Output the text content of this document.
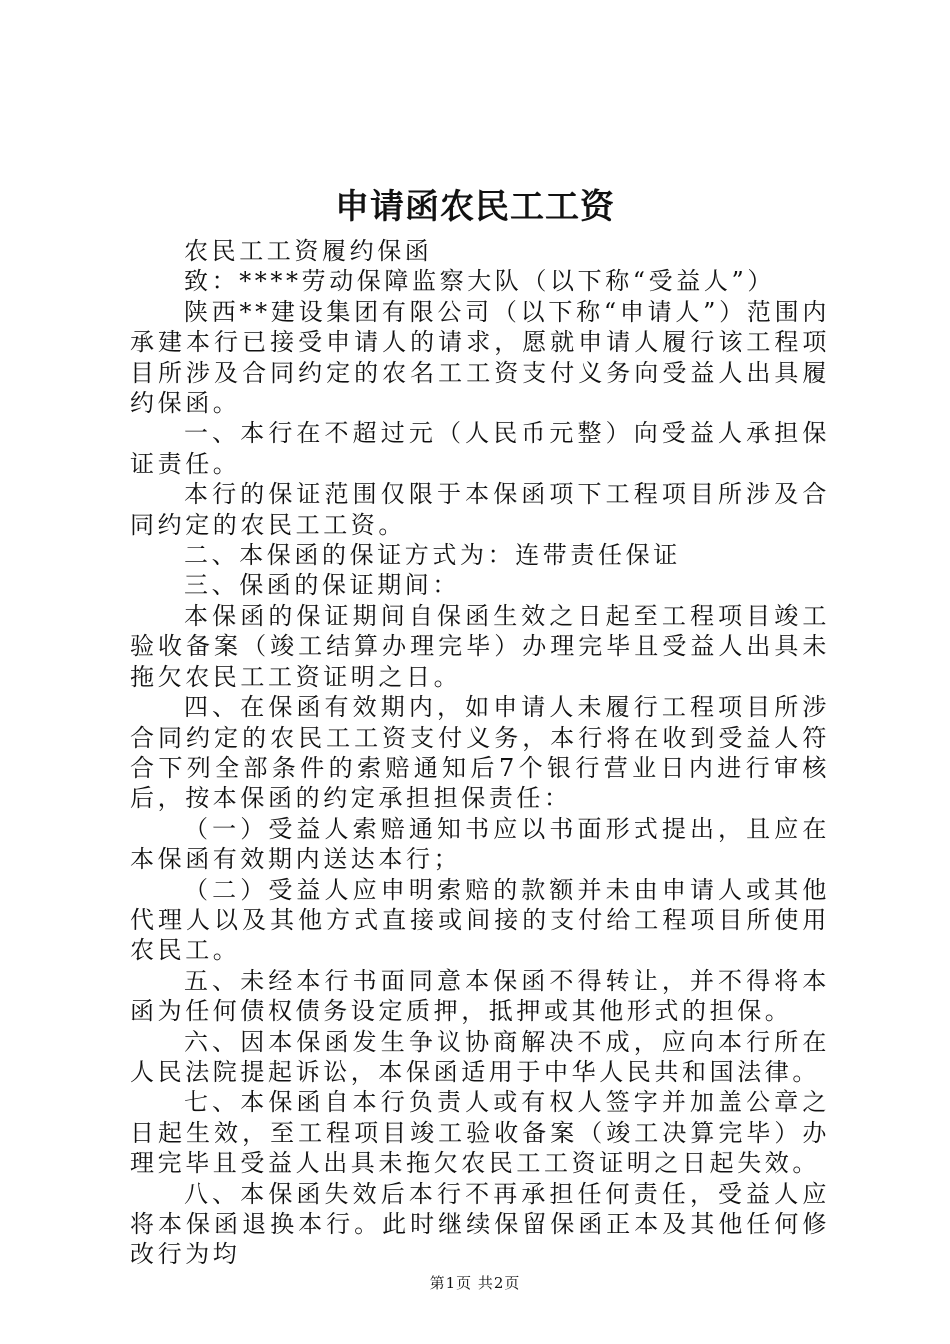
申请函农民工工资

农民工工资履约保函

致：****劳动保障监察大队（以下称“受益人”）

陕西**建设集团有限公司（以下称“申请人”）范围内承建本行已接受申请人的请求，愿就申请人履行该工程项目所涉及合同约定的农名工工资支付义务向受益人出具履约保函。

一、本行在不超过元（人民币元整）向受益人承担保证责任。

本行的保证范围仅限于本保函项下工程项目所涉及合同约定的农民工工资。

二、本保函的保证方式为：连带责任保证

三、保函的保证期间：

本保函的保证期间自保函生效之日起至工程项目竣工验收备案（竣工结算办理完毕）办理完毕且受益人出具未拖欠农民工工资证明之日。

四、在保函有效期内，如申请人未履行工程项目所涉合同约定的农民工工资支付义务，本行将在收到受益人符合下列全部条件的索赔通知后7个银行营业日内进行审核后，按本保函的约定承担担保责任：

（一）受益人索赔通知书应以书面形式提出，且应在本保函有效期内送达本行；

（二）受益人应申明索赔的款额并未由申请人或其他代理人以及其他方式直接或间接的支付给工程项目所使用农民工。

五、未经本行书面同意本保函不得转让，并不得将本函为任何债权债务设定质押，抵押或其他形式的担保。

六、因本保函发生争议协商解决不成，应向本行所在人民法院提起诉讼，本保函适用于中华人民共和国法律。

七、本保函自本行负责人或有权人签字并加盖公章之日起生效，至工程项目竣工验收备案（竣工决算完毕）办理完毕且受益人出具未拖欠农民工工资证明之日起失效。

八、本保函失效后本行不再承担任何责任，受益人应将本保函退换本行。此时继续保留保函正本及其他任何修改行为均

第1页 共2页
